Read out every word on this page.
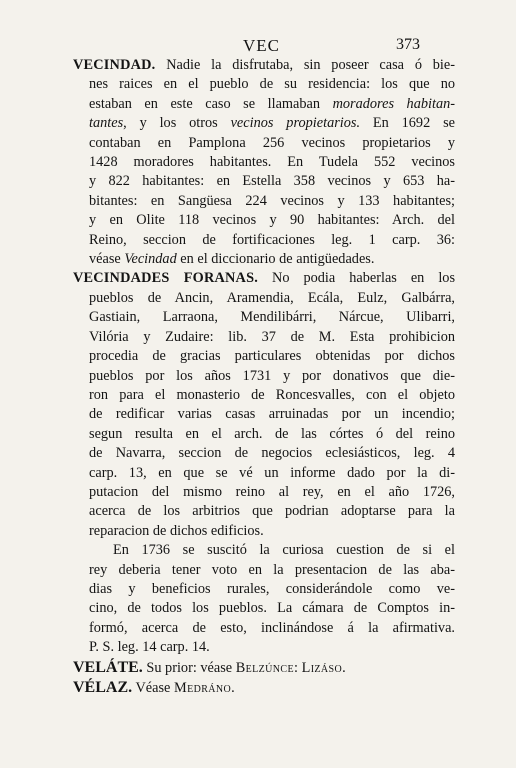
VEC	373
VECINDAD. Nadie la disfrutaba, sin poseer casa ó bie-
nes raices en el pueblo de su residencia: los que no
estaban en este caso se llamaban moradores habitan-
tantes, y los otros vecinos propietarios. En 1692 se
contaban en Pamplona 256 vecinos propietarios y
1428 moradores habitantes. En Tudela 552 vecinos
y 822 habitantes: en Estella 358 vecinos y 653 ha-
bitantes: en Sangüesa 224 vecinos y 133 habitantes;
y en Olite 118 vecinos y 90 habitantes: Arch. del
Reino, seccion de fortificaciones leg. 1 carp. 36:
véase Vecindad en el diccionario de antigüedades.
VECINDADES FORANAS. No podia haberlas en los
pueblos de Ancin, Aramendia, Ecála, Eulz, Galbárra,
Gastiain, Larraona, Mendilibárri, Nárcue, Ulibarri,
Vilória y Zudaire: lib. 37 de M. Esta prohibicion
procedia de gracias particulares obtenidas por dichos
pueblos por los años 1731 y por donativos que die-
ron para el monasterio de Roncesvalles, con el objeto
de redificar varias casas arruinadas por un incendio;
segun resulta en el arch. de las córtes ó del reino
de Navarra, seccion de negocios eclesiásticos, leg. 4
carp. 13, en que se vé un informe dado por la di-
putacion del mismo reino al rey, en el año 1726,
acerca de los arbitrios que podrian adoptarse para la
reparacion de dichos edificios.
En 1736 se suscitó la curiosa cuestion de si el
rey deberia tener voto en la presentacion de las aba-
dias y beneficios rurales, considerándole como ve-
cino, de todos los pueblos. La cámara de Comptos in-
formó, acerca de esto, inclinándose á la afirmativa.
P. S. leg. 14 carp. 14.
VELÁTE. Su prior: véase Belzúnce: Lizáso.
VÉLAZ. Véase Medráno.
